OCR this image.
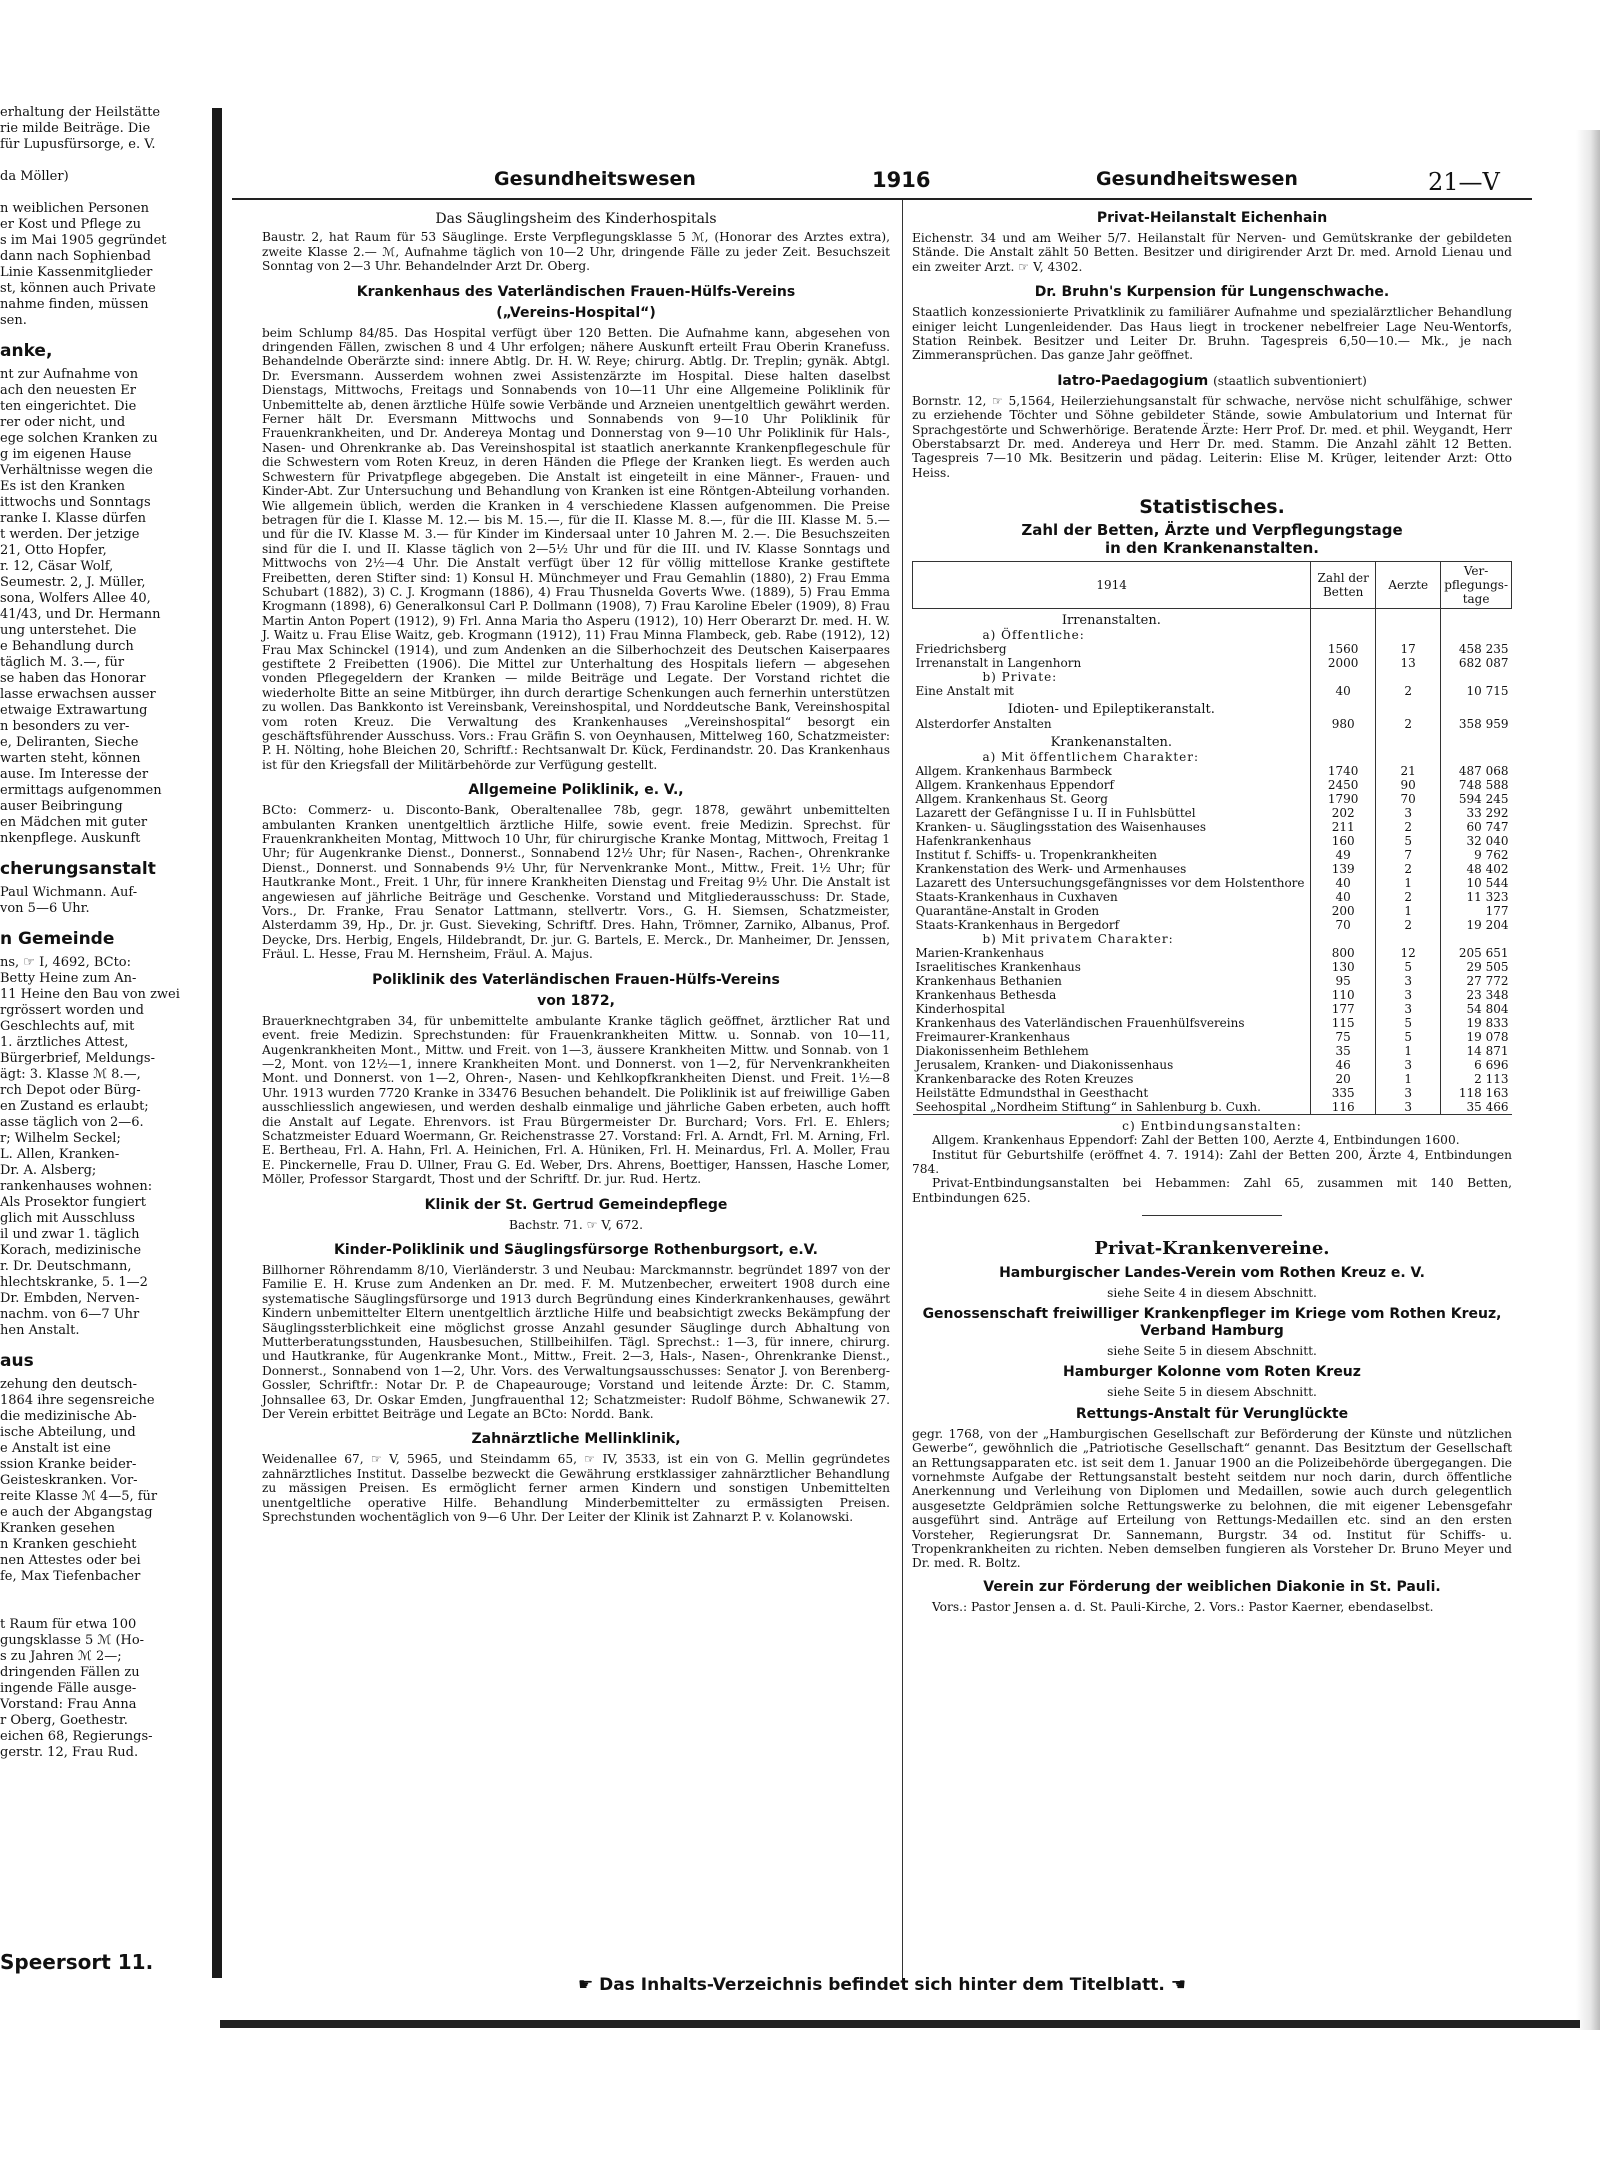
erhaltung der Heilstätte

rie milde Beiträge. Die

für Lupusfürsorge, e. V.

da Möller)

n weiblichen Personen

er Kost und Pflege zu

s im Mai 1905 gegründet

dann nach Sophienbad

Linie Kassenmitglieder

st, können auch Private

nahme finden, müssen

sen.

anke,

nt zur Aufnahme von

ach den neuesten Er

ten eingerichtet. Die

rer oder nicht, und

ege solchen Kranken zu

g im eigenen Hause

Verhältnisse wegen die

Es ist den Kranken

ittwochs und Sonntags

ranke I. Klasse dürfen

t werden. Der jetzige

21, Otto Hopfer,

r. 12, Cäsar Wolf,

Seumestr. 2, J. Müller,

sona, Wolfers Allee 40,

41/43, und Dr. Hermann

ung unterstehet. Die

e Behandlung durch

täglich M. 3.—, für

se haben das Honorar

lasse erwachsen ausser

etwaige Extrawartung

n besonders zu ver-

e, Deliranten, Sieche

warten steht, können

ause. Im Interesse der

ermittags aufgenommen

auser Beibringung

en Mädchen mit guter

nkenpflege. Auskunft

cherungsanstalt

Paul Wichmann. Auf-

von 5—6 Uhr.

n Gemeinde

ns, ☞ I, 4692, BCto:

Betty Heine zum An-

11 Heine den Bau von zwei

rgrössert worden und

Geschlechts auf, mit

1. ärztliches Attest,

Bürgerbrief, Meldungs-

ägt: 3. Klasse ℳ 8.—,

rch Depot oder Bürg-

en Zustand es erlaubt;

asse täglich von 2—6.

r; Wilhelm Seckel;

L. Allen, Kranken-

Dr. A. Alsberg;

rankenhauses wohnen:

Als Prosektor fungiert

glich mit Ausschluss

il und zwar 1. täglich

Korach, medizinische

r. Dr. Deutschmann,

hlechtskranke, 5. 1—2

Dr. Embden, Nerven-

nachm. von 6—7 Uhr

hen Anstalt.

aus

zehung den deutsch-

1864 ihre segensreiche

die medizinische Ab-

ische Abteilung, und

e Anstalt ist eine

ssion Kranke beider-

Geisteskranken. Vor-

reite Klasse ℳ 4—5, für

e auch der Abgangstag

Kranken gesehen

n Kranken geschieht

nen Attestes oder bei

fe, Max Tiefenbacher

t Raum für etwa 100

gungsklasse 5 ℳ (Ho-

s zu Jahren ℳ 2—;

dringenden Fällen zu

ingende Fälle ausge-

Vorstand: Frau Anna

r Oberg, Goethestr.

eichen 68, Regierungs-

gerstr. 12, Frau Rud.

Speersort 11.
Gesundheitswesen	1916	Gesundheitswesen	21—V
Das Säuglingsheim des Kinderhospitals

Baustr. 2, hat Raum für 53 Säuglinge. Erste Verpflegungsklasse 5 ℳ, (Honorar des Arztes extra), zweite Klasse 2.— ℳ, Aufnahme täglich von 10—2 Uhr, dringende Fälle zu jeder Zeit. Besuchszeit Sonntag von 2—3 Uhr. Behandelnder Arzt Dr. Oberg.

Krankenhaus des Vaterländischen Frauen-Hülfs-Vereins
(„Vereins-Hospital“)

beim Schlump 84/85. Das Hospital verfügt über 120 Betten. Die Aufnahme kann, abgesehen von dringenden Fällen, zwischen 8 und 4 Uhr erfolgen; nähere Auskunft erteilt Frau Oberin Kranefuss. Behandelnde Oberärzte sind: innere Abtlg. Dr. H. W. Reye; chirurg. Abtlg. Dr. Treplin; gynäk. Abtgl. Dr. Eversmann. Ausserdem wohnen zwei Assistenzärzte im Hospital. Diese halten daselbst Dienstags, Mittwochs, Freitags und Sonnabends von 10—11 Uhr eine Allgemeine Poliklinik für Unbemittelte ab, denen ärztliche Hülfe sowie Verbände und Arzneien unentgeltlich gewährt werden. Ferner hält Dr. Eversmann Mittwochs und Sonnabends von 9—10 Uhr Poliklinik für Frauenkrankheiten, und Dr. Andereya Montag und Donnerstag von 9—10 Uhr Poliklinik für Hals-, Nasen- und Ohrenkranke ab. Das Vereinshospital ist staatlich anerkannte Krankenpflegeschule für die Schwestern vom Roten Kreuz, in deren Händen die Pflege der Kranken liegt. Es werden auch Schwestern für Privatpflege abgegeben. Die Anstalt ist eingeteilt in eine Männer-, Frauen- und Kinder-Abt. Zur Untersuchung und Behandlung von Kranken ist eine Röntgen-Abteilung vorhanden. Wie allgemein üblich, werden die Kranken in 4 verschiedene Klassen aufgenommen. Die Preise betragen für die I. Klasse M. 12.— bis M. 15.—, für die II. Klasse M. 8.—, für die III. Klasse M. 5.— und für die IV. Klasse M. 3.— für Kinder im Kindersaal unter 10 Jahren M. 2.—. Die Besuchszeiten sind für die I. und II. Klasse täglich von 2—5½ Uhr und für die III. und IV. Klasse Sonntags und Mittwochs von 2½—4 Uhr. Die Anstalt verfügt über 12 für völlig mittellose Kranke gestiftete Freibetten, deren Stifter sind: 1) Konsul H. Münchmeyer und Frau Gemahlin (1880), 2) Frau Emma Schubart (1882), 3) C. J. Krogmann (1886), 4) Frau Thusnelda Goverts Wwe. (1889), 5) Frau Emma Krogmann (1898), 6) Generalkonsul Carl P. Dollmann (1908), 7) Frau Karoline Ebeler (1909), 8) Frau Martin Anton Popert (1912), 9) Frl. Anna Maria tho Asperu (1912), 10) Herr Oberarzt Dr. med. H. W. J. Waitz u. Frau Elise Waitz, geb. Krogmann (1912), 11) Frau Minna Flambeck, geb. Rabe (1912), 12) Frau Max Schinckel (1914), und zum Andenken an die Silberhochzeit des Deutschen Kaiserpaares gestiftete 2 Freibetten (1906). Die Mittel zur Unterhaltung des Hospitals liefern — abgesehen vonden Pflegegeldern der Kranken — milde Beiträge und Legate. Der Vorstand richtet die wiederholte Bitte an seine Mitbürger, ihn durch derartige Schenkungen auch fernerhin unterstützen zu wollen. Das Bankkonto ist Vereinsbank, Vereinshospital, und Norddeutsche Bank, Vereinshospital vom roten Kreuz. Die Verwaltung des Krankenhauses „Vereinshospital“ besorgt ein geschäftsführender Ausschuss. Vors.: Frau Gräfin S. von Oeynhausen, Mittelweg 160, Schatzmeister: P. H. Nölting, hohe Bleichen 20, Schriftf.: Rechtsanwalt Dr. Kück, Ferdinandstr. 20. Das Krankenhaus ist für den Kriegsfall der Militärbehörde zur Verfügung gestellt.

Allgemeine Poliklinik, e. V.,

BCto: Commerz- u. Disconto-Bank, Oberaltenallee 78b, gegr. 1878, gewährt unbemittelten ambulanten Kranken unentgeltlich ärztliche Hilfe, sowie event. freie Medizin. Sprechst. für Frauenkrankheiten Montag, Mittwoch 10 Uhr, für chirurgische Kranke Montag, Mittwoch, Freitag 1 Uhr; für Augenkranke Dienst., Donnerst., Sonnabend 12½ Uhr; für Nasen-, Rachen-, Ohrenkranke Dienst., Donnerst. und Sonnabends 9½ Uhr, für Nervenkranke Mont., Mittw., Freit. 1½ Uhr; für Hautkranke Mont., Freit. 1 Uhr, für innere Krankheiten Dienstag und Freitag 9½ Uhr. Die Anstalt ist angewiesen auf jährliche Beiträge und Geschenke. Vorstand und Mitgliederausschuss: Dr. Stade, Vors., Dr. Franke, Frau Senator Lattmann, stellvertr. Vors., G. H. Siemsen, Schatzmeister, Alsterdamm 39, Hp., Dr. jr. Gust. Sieveking, Schriftf. Dres. Hahn, Trömner, Zarniko, Albanus, Prof. Deycke, Drs. Herbig, Engels, Hildebrandt, Dr. jur. G. Bartels, E. Merck., Dr. Manheimer, Dr. Jenssen, Fräul. L. Hesse, Frau M. Hernsheim, Fräul. A. Majus.

Poliklinik des Vaterländischen Frauen-Hülfs-Vereins
von 1872,

Brauerknechtgraben 34, für unbemittelte ambulante Kranke täglich geöffnet, ärztlicher Rat und event. freie Medizin. Sprechstunden: für Frauenkrankheiten Mittw. u. Sonnab. von 10—11, Augenkrankheiten Mont., Mittw. und Freit. von 1—3, äussere Krankheiten Mittw. und Sonnab. von 1—2, Mont. von 12½—1, innere Krankheiten Mont. und Donnerst. von 1—2, für Nervenkrankheiten Mont. und Donnerst. von 1—2, Ohren-, Nasen- und Kehlkopfkrankheiten Dienst. und Freit. 1½—8 Uhr. 1913 wurden 7720 Kranke in 33476 Besuchen behandelt. Die Poliklinik ist auf freiwillige Gaben ausschliesslich angewiesen, und werden deshalb einmalige und jährliche Gaben erbeten, auch hofft die Anstalt auf Legate. Ehrenvors. ist Frau Bürgermeister Dr. Burchard; Vors. Frl. E. Ehlers; Schatzmeister Eduard Woermann, Gr. Reichenstrasse 27. Vorstand: Frl. A. Arndt, Frl. M. Arning, Frl. E. Bertheau, Frl. A. Hahn, Frl. A. Heinichen, Frl. A. Hüniken, Frl. H. Meinardus, Frl. A. Moller, Frau E. Pinckernelle, Frau D. Ullner, Frau G. Ed. Weber, Drs. Ahrens, Boettiger, Hanssen, Hasche Lomer, Möller, Professor Stargardt, Thost und der Schriftf. Dr. jur. Rud. Hertz.

Klinik der St. Gertrud Gemeindepflege

Bachstr. 71. ☞ V, 672.

Kinder-Poliklinik und Säuglingsfürsorge Rothenburgsort, e.V.

Billhorner Röhrendamm 8/10, Vierländerstr. 3 und Neubau: Marckmannstr. begründet 1897 von der Familie E. H. Kruse zum Andenken an Dr. med. F. M. Mutzenbecher, erweitert 1908 durch eine systematische Säuglingsfürsorge und 1913 durch Begründung eines Kinderkrankenhauses, gewährt Kindern unbemittelter Eltern unentgeltlich ärztliche Hilfe und beabsichtigt zwecks Bekämpfung der Säuglingssterblichkeit eine möglichst grosse Anzahl gesunder Säuglinge durch Abhaltung von Mutterberatungsstunden, Hausbesuchen, Stillbeihilfen. Tägl. Sprechst.: 1—3, für innere, chirurg. und Hautkranke, für Augenkranke Mont., Mittw., Freit. 2—3, Hals-, Nasen-, Ohrenkranke Dienst., Donnerst., Sonnabend von 1—2, Uhr. Vors. des Verwaltungsausschusses: Senator J. von Berenberg-Gossler, Schriftfr.: Notar Dr. P. de Chapeaurouge; Vorstand und leitende Ärzte: Dr. C. Stamm, Johnsallee 63, Dr. Oskar Emden, Jungfrauenthal 12; Schatzmeister: Rudolf Böhme, Schwanewik 27. Der Verein erbittet Beiträge und Legate an BCto: Nordd. Bank.

Zahnärztliche Mellinklinik,

Weidenallee 67, ☞ V, 5965, und Steindamm 65, ☞ IV, 3533, ist ein von G. Mellin gegründetes zahnärztliches Institut. Dasselbe bezweckt die Gewährung erstklassiger zahnärztlicher Behandlung zu mässigen Preisen. Es ermöglicht ferner armen Kindern und sonstigen Unbemittelten unentgeltliche operative Hilfe. Behandlung Minderbemittelter zu ermässigten Preisen. Sprechstunden wochentäglich von 9—6 Uhr. Der Leiter der Klinik ist Zahnarzt P. v. Kolanowski.

Privat-Heilanstalt Eichenhain

Eichenstr. 34 und am Weiher 5/7. Heilanstalt für Nerven- und Gemütskranke der gebildeten Stände. Die Anstalt zählt 50 Betten. Besitzer und dirigirender Arzt Dr. med. Arnold Lienau und ein zweiter Arzt. ☞ V, 4302.

Dr. Bruhn's Kurpension für Lungenschwache.

Staatlich konzessionierte Privatklinik zu familiärer Aufnahme und spezialärztlicher Behandlung einiger leicht Lungenleidender. Das Haus liegt in trockener nebelfreier Lage Neu-Wentorfs, Station Reinbek. Besitzer und Leiter Dr. Bruhn. Tagespreis 6,50—10.— Mk., je nach Zimmeransprüchen. Das ganze Jahr geöffnet.

Iatro-Paedagogium (staatlich subventioniert)

Bornstr. 12, ☞ 5,1564, Heilerziehungsanstalt für schwache, nervöse nicht schulfähige, schwer zu erziehende Töchter und Söhne gebildeter Stände, sowie Ambulatorium und Internat für Sprachgestörte und Schwerhörige. Beratende Ärzte: Herr Prof. Dr. med. et phil. Weygandt, Herr Oberstabsarzt Dr. med. Andereya und Herr Dr. med. Stamm. Die Anzahl zählt 12 Betten. Tagespreis 7—10 Mk. Besitzerin und pädag. Leiterin: Elise M. Krüger, leitender Arzt: Otto Heiss.

Statistisches.
Zahl der Betten, Ärzte und Verpflegungstage
in den Krankenanstalten.
1914	Zahl der Betten	Aerzte	Ver-pflegungs-tage
Irrenanstalten.			
a) Öffentliche:			
Friedrichsberg	1560	17	458 235
Irrenanstalt in Langenhorn	2000	13	682 087
b) Private:			
Eine Anstalt mit	40	2	10 715
Idioten- und Epileptikeranstalt.			
Alsterdorfer Anstalten	980	2	358 959
Krankenanstalten.			
a) Mit öffentlichem Charakter:			
Allgem. Krankenhaus Barmbeck	1740	21	487 068
Allgem. Krankenhaus Eppendorf	2450	90	748 588
Allgem. Krankenhaus St. Georg	1790	70	594 245
Lazarett der Gefängnisse I u. II in Fuhlsbüttel	202	3	33 292
Kranken- u. Säuglingsstation des Waisenhauses	211	2	60 747
Hafenkrankenhaus	160	5	32 040
Institut f. Schiffs- u. Tropenkrankheiten	49	7	9 762
Krankenstation des Werk- und Armenhauses	139	2	48 402
Lazarett des Untersuchungsgefängnisses vor dem Holstenthore	40	1	10 544
Staats-Krankenhaus in Cuxhaven	40	2	11 323
Quarantäne-Anstalt in Groden	200	1	177
Staats-Krankenhaus in Bergedorf	70	2	19 204
b) Mit privatem Charakter:			
Marien-Krankenhaus	800	12	205 651
Israelitisches Krankenhaus	130	5	29 505
Krankenhaus Bethanien	95	3	27 772
Krankenhaus Bethesda	110	3	23 348
Kinderhospital	177	3	54 804
Krankenhaus des Vaterländischen Frauenhülfsvereins	115	5	19 833
Freimaurer-Krankenhaus	75	5	19 078
Diakonissenheim Bethlehem	35	1	14 871
Jerusalem, Kranken- und Diakonissenhaus	46	3	6 696
Krankenbaracke des Roten Kreuzes	20	1	2 113
Heilstätte Edmundsthal in Geesthacht	335	3	118 163
Seehospital „Nordheim Stiftung“ in Sahlenburg b. Cuxh.	116	3	35 466

c) Entbindungsanstalten:

Allgem. Krankenhaus Eppendorf: Zahl der Betten 100, Aerzte 4, Entbindungen 1600.

Institut für Geburtshilfe (eröffnet 4. 7. 1914): Zahl der Betten 200, Ärzte 4, Entbindungen 784.

Privat-Entbindungsanstalten bei Hebammen: Zahl 65, zusammen mit 140 Betten, Entbindungen 625.

Privat-Krankenvereine.
Hamburgischer Landes-Verein vom Rothen Kreuz e. V.

siehe Seite 4 in diesem Abschnitt.

Genossenschaft freiwilliger Krankenpfleger im Kriege vom Rothen Kreuz, Verband Hamburg

siehe Seite 5 in diesem Abschnitt.

Hamburger Kolonne vom Roten Kreuz

siehe Seite 5 in diesem Abschnitt.

Rettungs-Anstalt für Verunglückte

gegr. 1768, von der „Hamburgischen Gesellschaft zur Beförderung der Künste und nützlichen Gewerbe“, gewöhnlich die „Patriotische Gesellschaft“ genannt. Das Besitztum der Gesellschaft an Rettungsapparaten etc. ist seit dem 1. Januar 1900 an die Polizeibehörde übergegangen. Die vornehmste Aufgabe der Rettungsanstalt besteht seitdem nur noch darin, durch öffentliche Anerkennung und Verleihung von Diplomen und Medaillen, sowie auch durch gelegentlich ausgesetzte Geldprämien solche Rettungswerke zu belohnen, die mit eigener Lebensgefahr ausgeführt sind. Anträge auf Erteilung von Rettungs-Medaillen etc. sind an den ersten Vorsteher, Regierungsrat Dr. Sannemann, Burgstr. 34 od. Institut für Schiffs- u. Tropenkrankheiten zu richten. Neben demselben fungieren als Vorsteher Dr. Bruno Meyer und Dr. med. R. Boltz.

Verein zur Förderung der weiblichen Diakonie in St. Pauli.

Vors.: Pastor Jensen a. d. St. Pauli-Kirche, 2. Vors.: Pastor Kaerner, ebendaselbst.

☛ Das Inhalts-Verzeichnis befindet sich hinter dem Titelblatt. ☚
